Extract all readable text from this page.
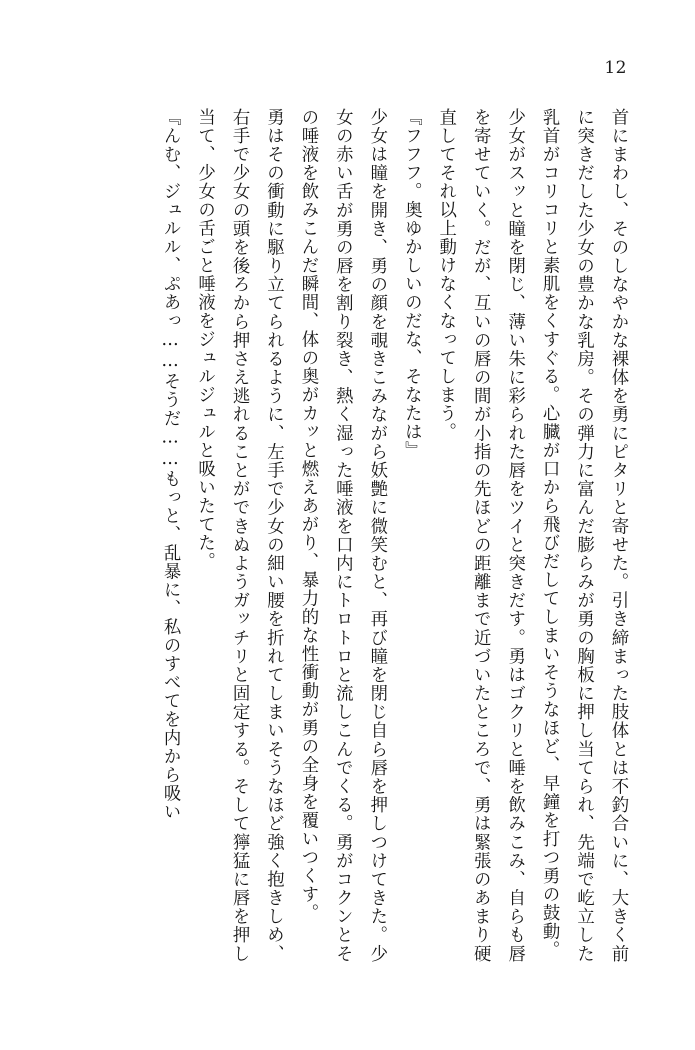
12

首にまわし、そのしなやかな裸体を勇にピタリと寄せた。引き締まった肢体とは不釣合いに、大きく前に突きだした少女の豊かな乳房。その弾力に富んだ膨らみが勇の胸板に押し当てられ、先端で屹立した乳首がコリコリと素肌をくすぐる。心臓が口から飛びだしてしまいそうなほど、早鐘を打つ勇の鼓動。

少女がスッと瞳を閉じ、薄い朱に彩られた唇をツイと突きだす。勇はゴクリと唾を飲みこみ、自らも唇を寄せていく。だが、互いの唇の間が小指の先ほどの距離まで近づいたところで、勇は緊張のあまり硬直してそれ以上動けなくなってしまう。

『フフフ。奥ゆかしいのだな、そなたは』

少女は瞳を開き、勇の顔を覗きこみながら妖艶に微笑むと、再び瞳を閉じ自ら唇を押しつけてきた。少女の赤い舌が勇の唇を割り裂き、熱く湿った唾液を口内にトロトロと流しこんでくる。勇がコクンとその唾液を飲みこんだ瞬間、体の奥がカッと燃えあがり、暴力的な性衝動が勇の全身を覆いつくす。

勇はその衝動に駆り立てられるように、左手で少女の細い腰を折れてしまいそうなほど強く抱きしめ、右手で少女の頭を後ろから押さえ逃れることができぬようガッチリと固定する。そして獰猛に唇を押し当て、少女の舌ごと唾液をジュルジュルと吸いたてた。

『んむ、ジュルル、ぷあっ……そうだ……もっと、乱暴に、私のすべてを内から吸い
